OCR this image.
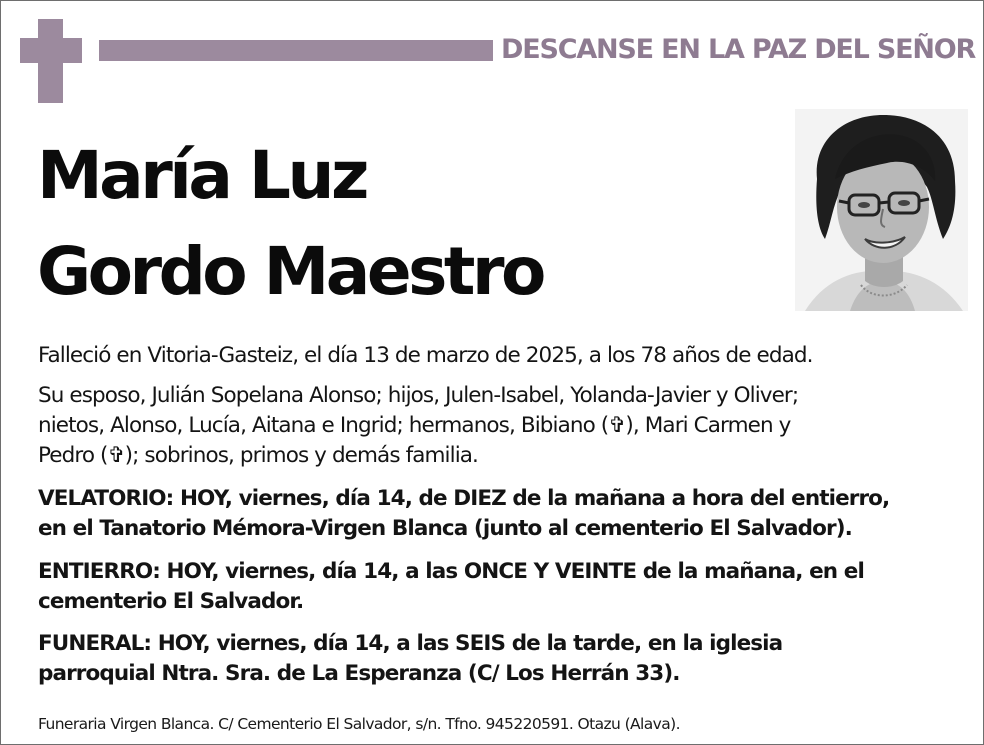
DESCANSE EN LA PAZ DEL SEÑOR
María Luz
Gordo Maestro
Falleció en Vitoria-Gasteiz, el día 13 de marzo de 2025, a los 78 años de edad.
Su esposo, Julián Sopelana Alonso; hijos, Julen-Isabel, Yolanda-Javier y Oliver;
nietos, Alonso, Lucía, Aitana e Ingrid; hermanos, Bibiano (✞), Mari Carmen y
Pedro (✞); sobrinos, primos y demás familia.
VELATORIO: HOY, viernes, día 14, de DIEZ de la mañana a hora del entierro,
en el Tanatorio Mémora-Virgen Blanca (junto al cementerio El Salvador).
ENTIERRO: HOY, viernes, día 14, a las ONCE Y VEINTE de la mañana, en el
cementerio El Salvador.
FUNERAL: HOY, viernes, día 14, a las SEIS de la tarde, en la iglesia
parroquial Ntra. Sra. de La Esperanza (C/ Los Herrán 33).
Funeraria Virgen Blanca. C/ Cementerio El Salvador, s/n. Tfno. 945220591. Otazu (Alava).
